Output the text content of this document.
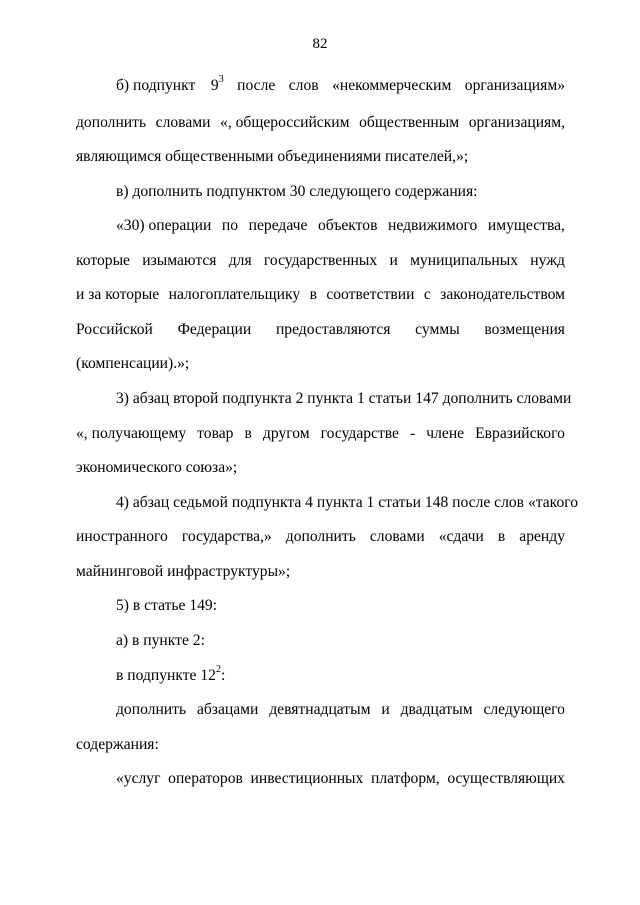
82
б) подпункт $9^3$ после слов «некоммерческим организациям»
дополнить словами «, общероссийским общественным организациям,
являющимся общественными объединениями писателей,»;
в) дополнить подпунктом 30 следующего содержания:
«30) операции по передаче объектов недвижимого имущества,
которые изымаются для государственных и муниципальных нужд
и за которые налогоплательщику в соответствии с законодательством
Российской Федерации предоставляются суммы возмещения
(компенсации).»;
3) абзац второй подпункта 2 пункта 1 статьи 147 дополнить словами
«, получающему товар в другом государстве - члене Евразийского
экономического союза»;
4) абзац седьмой подпункта 4 пункта 1 статьи 148 после слов «такого
иностранного государства,» дополнить словами «сдачи в аренду
майнинговой инфраструктуры»;
5) в статье 149:
а) в пункте 2:
в подпункте $12^2$:
дополнить абзацами девятнадцатым и двадцатым следующего
содержания:
«услуг операторов инвестиционных платформ, осуществляющих
